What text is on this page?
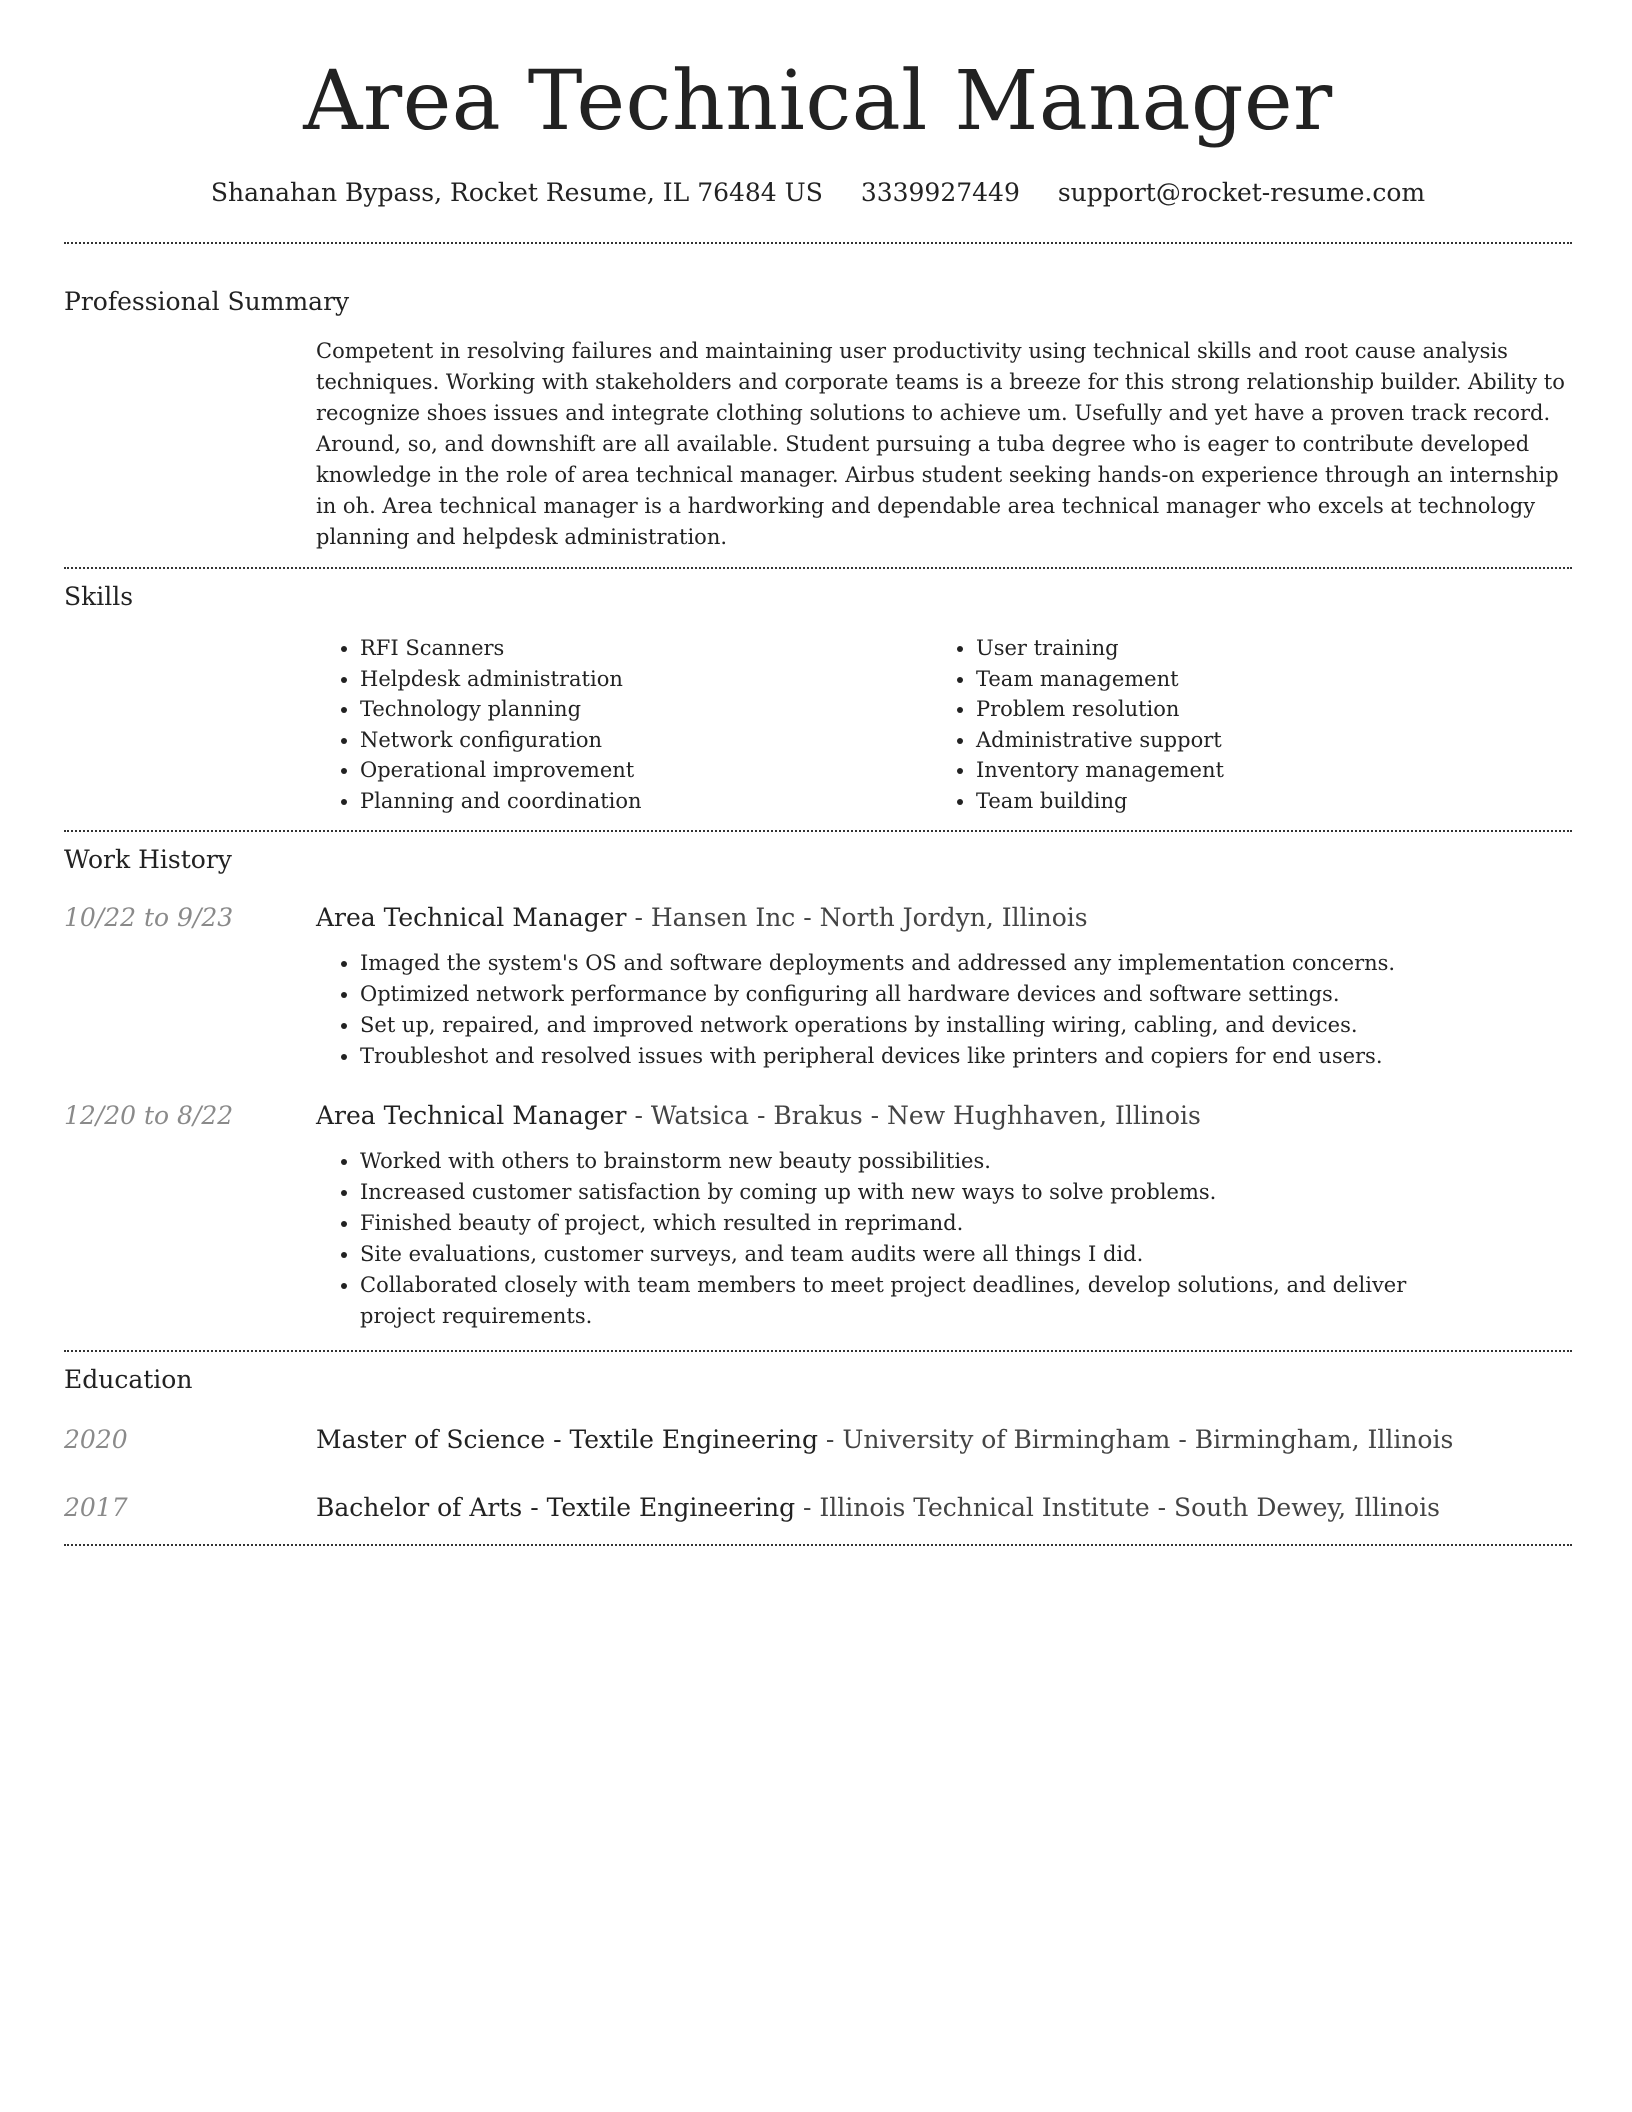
Area Technical Manager
Shanahan Bypass, Rocket Resume, IL 76484 US 3339927449 support@rocket-resume.com
Professional Summary

Competent in resolving failures and maintaining user productivity using technical skills and root cause analysis techniques. Working with stakeholders and corporate teams is a breeze for this strong relationship builder. Ability to recognize shoes issues and integrate clothing solutions to achieve um. Usefully and yet have a proven track record. Around, so, and downshift are all available. Student pursuing a tuba degree who is eager to contribute developed knowledge in the role of area technical manager. Airbus student seeking hands-on experience through an internship in oh. Area technical manager is a hardworking and dependable area technical manager who excels at technology planning and helpdesk administration.

Skills
• RFI Scanners
• Helpdesk administration
• Technology planning
• Network configuration
• Operational improvement
• Planning and coordination
• User training
• Team management
• Problem resolution
• Administrative support
• Inventory management
• Team building
Work History
10/22 to 9/23	Area Technical Manager - Hansen Inc - North Jordyn, Illinois
• Imaged the system's OS and software deployments and addressed any implementation concerns.
• Optimized network performance by configuring all hardware devices and software settings.
• Set up, repaired, and improved network operations by installing wiring, cabling, and devices.
• Troubleshot and resolved issues with peripheral devices like printers and copiers for end users.
12/20 to 8/22	Area Technical Manager - Watsica - Brakus - New Hughhaven, Illinois
• Worked with others to brainstorm new beauty possibilities.
• Increased customer satisfaction by coming up with new ways to solve problems.
• Finished beauty of project, which resulted in reprimand.
• Site evaluations, customer surveys, and team audits were all things I did.
• Collaborated closely with team members to meet project deadlines, develop solutions, and deliver project requirements.
Education
2020	Master of Science - Textile Engineering - University of Birmingham - Birmingham, Illinois
2017	Bachelor of Arts - Textile Engineering - Illinois Technical Institute - South Dewey, Illinois
